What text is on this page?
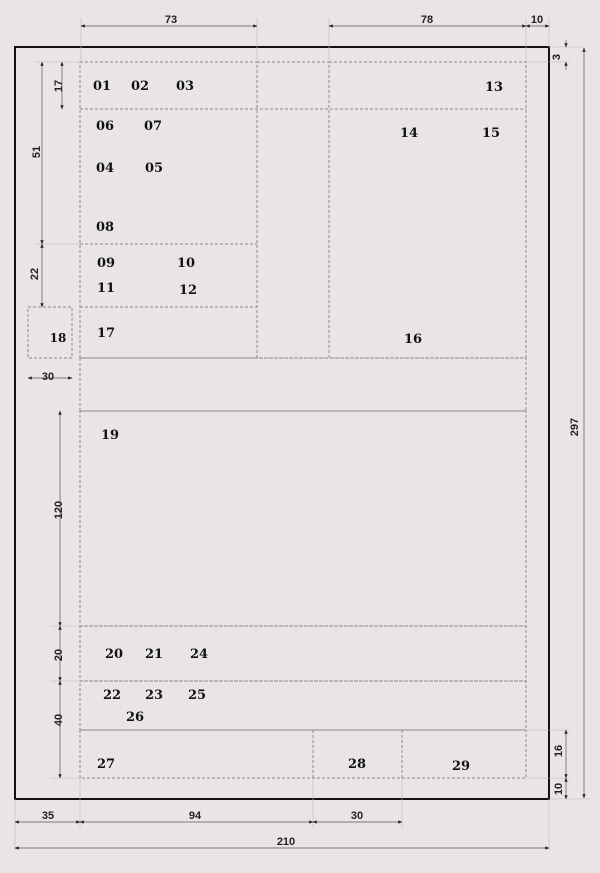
73	78	10
3
297
17
51
22
30
120
20
40
16
10
35	94	30
210
01 02 03
06 07
04 05
08
09	10
11	12
17
13
14	15
16
19
20 21 24
22 23 25
26
27	28	29
18
